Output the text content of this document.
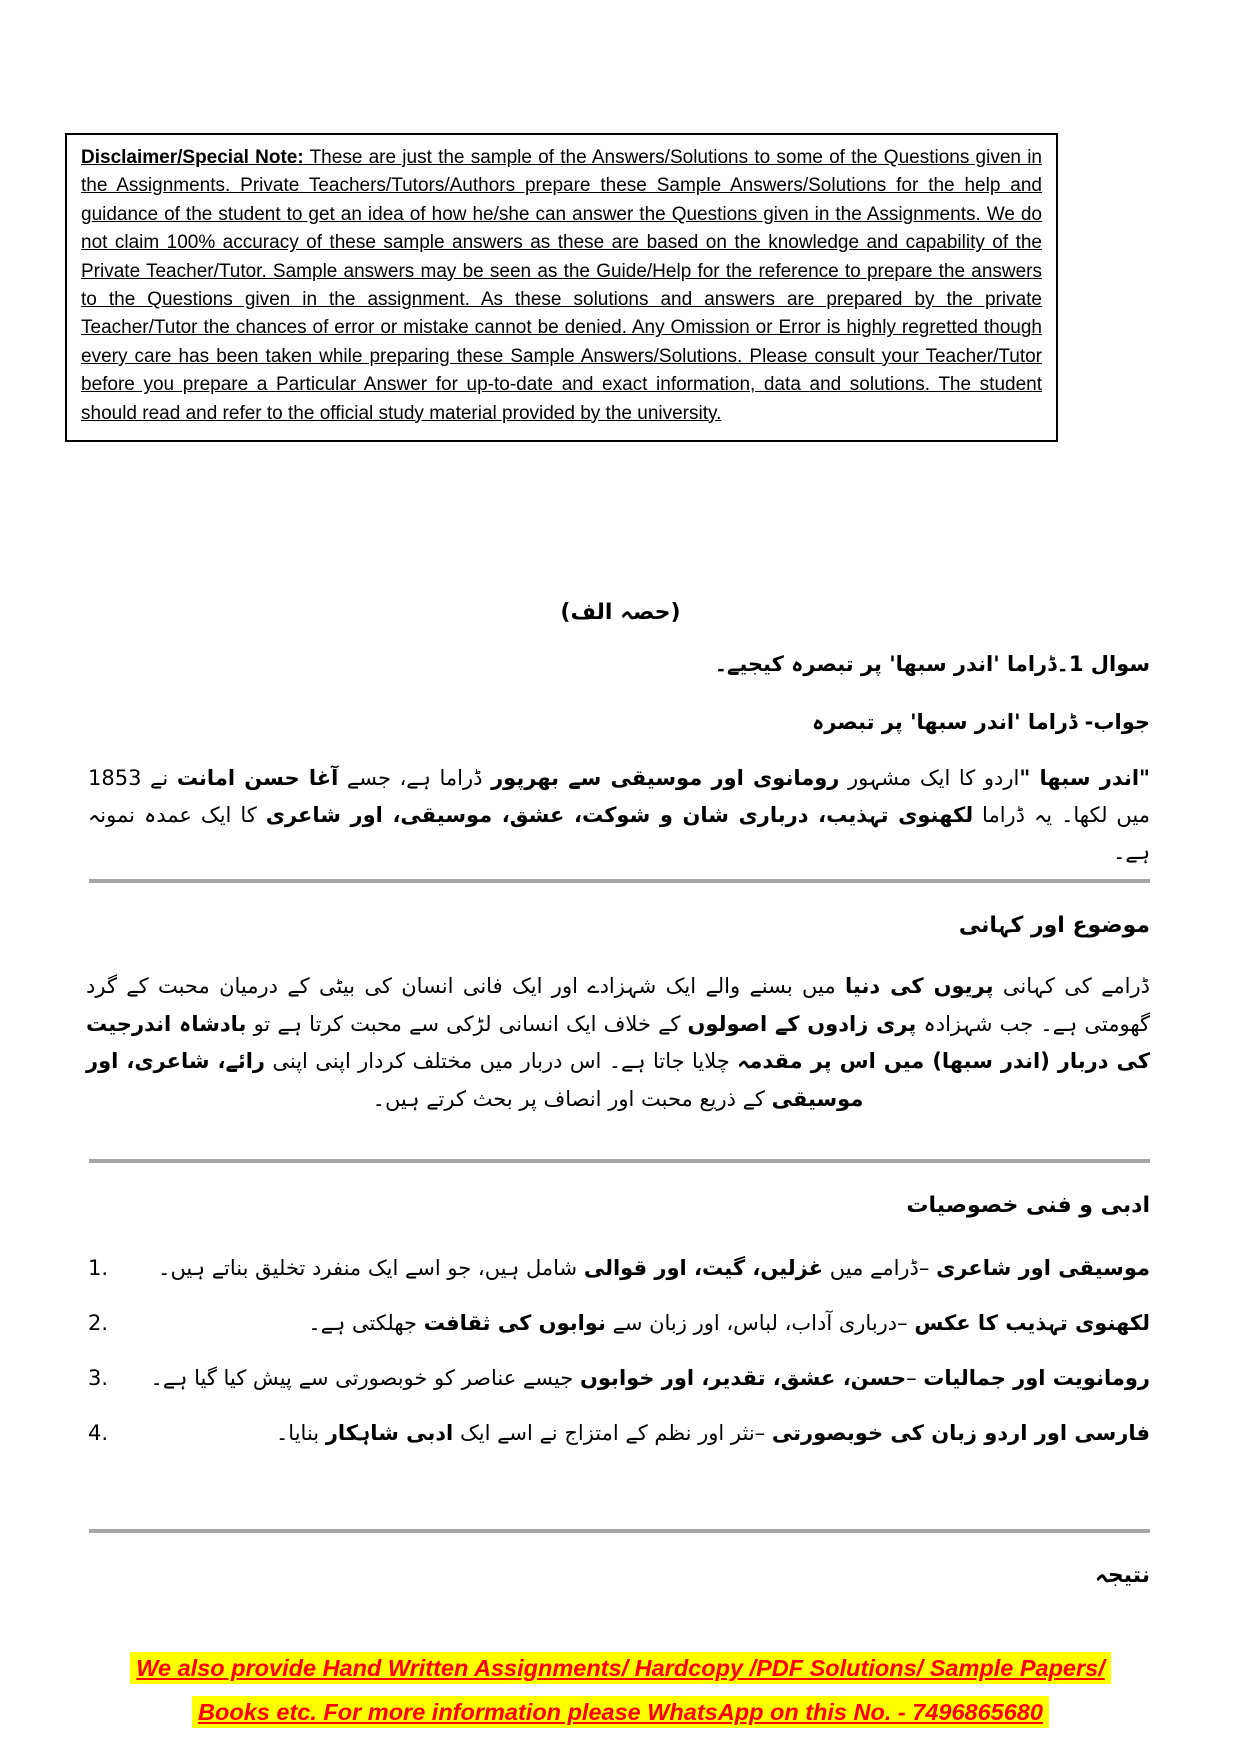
Disclaimer/Special Note: These are just the sample of the Answers/Solutions to some of the Questions given in the Assignments. Private Teachers/Tutors/Authors prepare these Sample Answers/Solutions for the help and guidance of the student to get an idea of how he/she can answer the Questions given in the Assignments. We do not claim 100% accuracy of these sample answers as these are based on the knowledge and capability of the Private Teacher/Tutor. Sample answers may be seen as the Guide/Help for the reference to prepare the answers to the Questions given in the assignment. As these solutions and answers are prepared by the private Teacher/Tutor the chances of error or mistake cannot be denied. Any Omission or Error is highly regretted though every care has been taken while preparing these Sample Answers/Solutions. Please consult your Teacher/Tutor before you prepare a Particular Answer for up-to-date and exact information, data and solutions. The student should read and refer to the official study material provided by the university.

(حصہ الف)
سوال 1۔ڈراما 'اندر سبھا' پر تبصرہ کیجیے۔
جواب- ڈراما 'اندر سبھا' پر تبصرہ
"اندر سبھا "اردو کا ایک مشہور رومانوی اور موسیقی سے بھرپور ڈراما ہے، جسے آغا حسن امانت نے 1853 میں لکھا۔ یہ ڈراما لکھنوی تہذیب، درباری شان و شوکت، عشق، موسیقی، اور شاعری کا ایک عمدہ نمونہ ہے۔
موضوع اور کہانی
ڈرامے کی کہانی پریوں کی دنیا میں بسنے والے ایک شہزادے اور ایک فانی انسان کی بیٹی کے درمیان محبت کے گرد گھومتی ہے۔ جب شہزادہ پری زادوں کے اصولوں کے خلاف ایک انسانی لڑکی سے محبت کرتا ہے تو بادشاہ اندرجیت کی دربار (اندر سبھا) میں اس پر مقدمہ چلایا جاتا ہے۔ اس دربار میں مختلف کردار اپنی اپنی رائے، شاعری، اور موسیقی کے ذریع محبت اور انصاف پر بحث کرتے ہیں۔
ادبی و فنی خصوصیات
1.	موسیقی اور شاعری –ڈرامے میں غزلیں، گیت، اور قوالی شامل ہیں، جو اسے ایک منفرد تخلیق بناتے ہیں۔
2.	لکھنوی تہذیب کا عکس –درباری آداب، لباس، اور زبان سے نوابوں کی ثقافت جھلکتی ہے۔
3.	رومانویت اور جمالیات –حسن، عشق، تقدیر، اور خوابوں جیسے عناصر کو خوبصورتی سے پیش کیا گیا ہے۔
4.	فارسی اور اردو زبان کی خوبصورتی –نثر اور نظم کے امتزاج نے اسے ایک ادبی شاہکار بنایا۔
نتیجہ
We also provide Hand Written Assignments/ Hardcopy /PDF Solutions/ Sample Papers/
Books etc. For more information please WhatsApp on this No. - 7496865680
